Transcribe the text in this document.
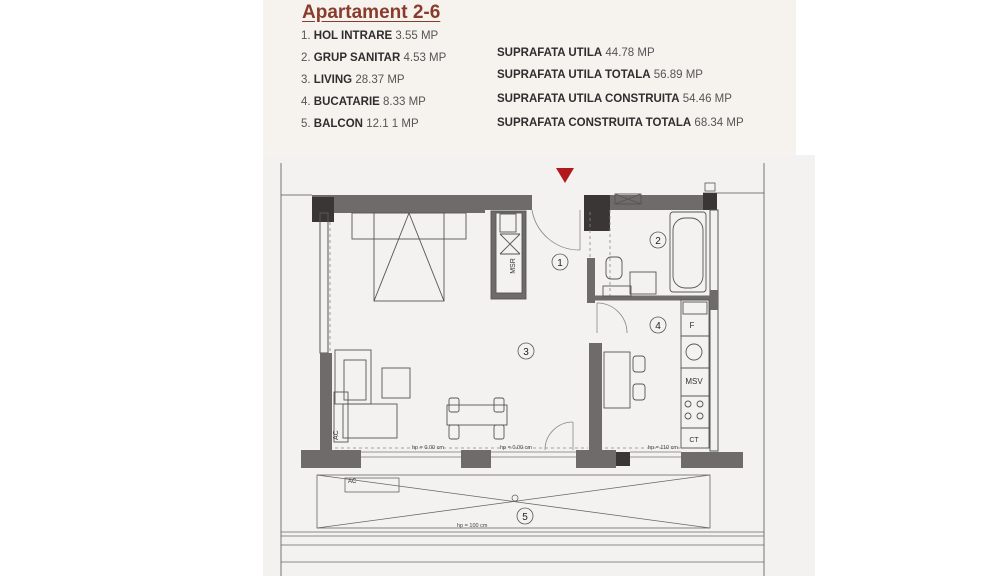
Apartament 2-6
1. HOL INTRARE 3.55 MP
2. GRUP SANITAR 4.53 MP
3. LIVING 28.37 MP
4. BUCATARIE 8.33 MP
5. BALCON 12.1 1 MP
SUPRAFATA UTILA 44.78 MP
SUPRAFATA UTILA TOTALA 56.89 MP
SUPRAFATA UTILA CONSTRUITA 54.46 MP
SUPRAFATA CONSTRUITA TOTALA 68.34 MP
MSR
AC
F
MSV
CT
hp = 0.00 cm	hp = 0.00 cm	hp = 110 cm
AC
hp = 100 cm
1
2
3
4
5
